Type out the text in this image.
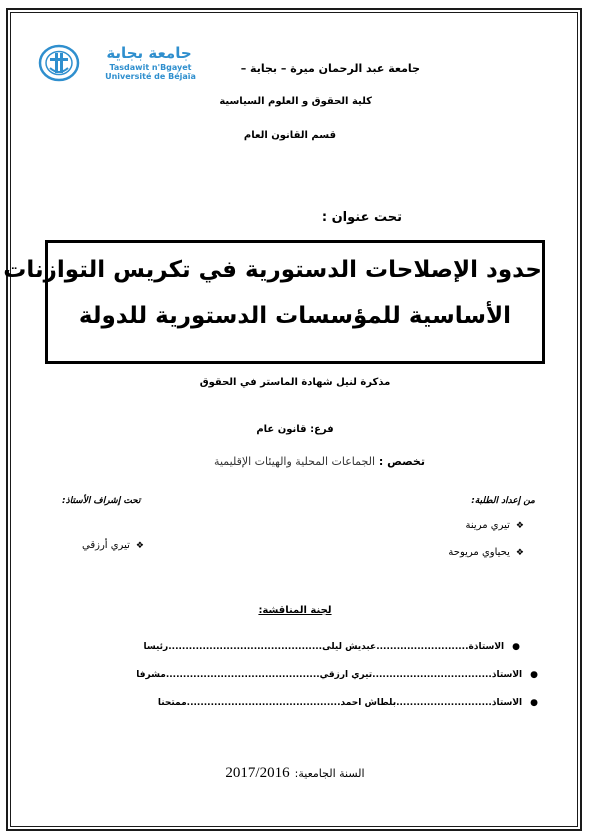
جامعة بجاية
Tasdawit n'Bgayet
Université de Béjaïa
جامعة عبد الرحمان ميرة – بجاية –
كلية الحقوق و العلوم السياسية
قسم القانون العام
تحت عنوان :
حدود الإصلاحات الدستورية في تكريس التوازنات
الأساسية للمؤسسات الدستورية للدولة
مذكرة لنيل شهادة الماستر في الحقوق
فرع: قانون عام
تخصص : الجماعات المحلية والهيئات الإقليمية
من إعداد الطلبة:
تحت إشراف الأستاذ:
❖تيري مرينة
❖يحياوي مريوحة
❖تيري أرزقي
لجنة المناقشة:
●الأستاذة...........................عبديش ليلى.............................................رئيسا
●الأستاذ...................................تيري أرزقي.............................................مشرفا
●الأستاذ............................بلطاش أحمد.............................................ممتحنا
السنة الجامعية: 2017/2016
